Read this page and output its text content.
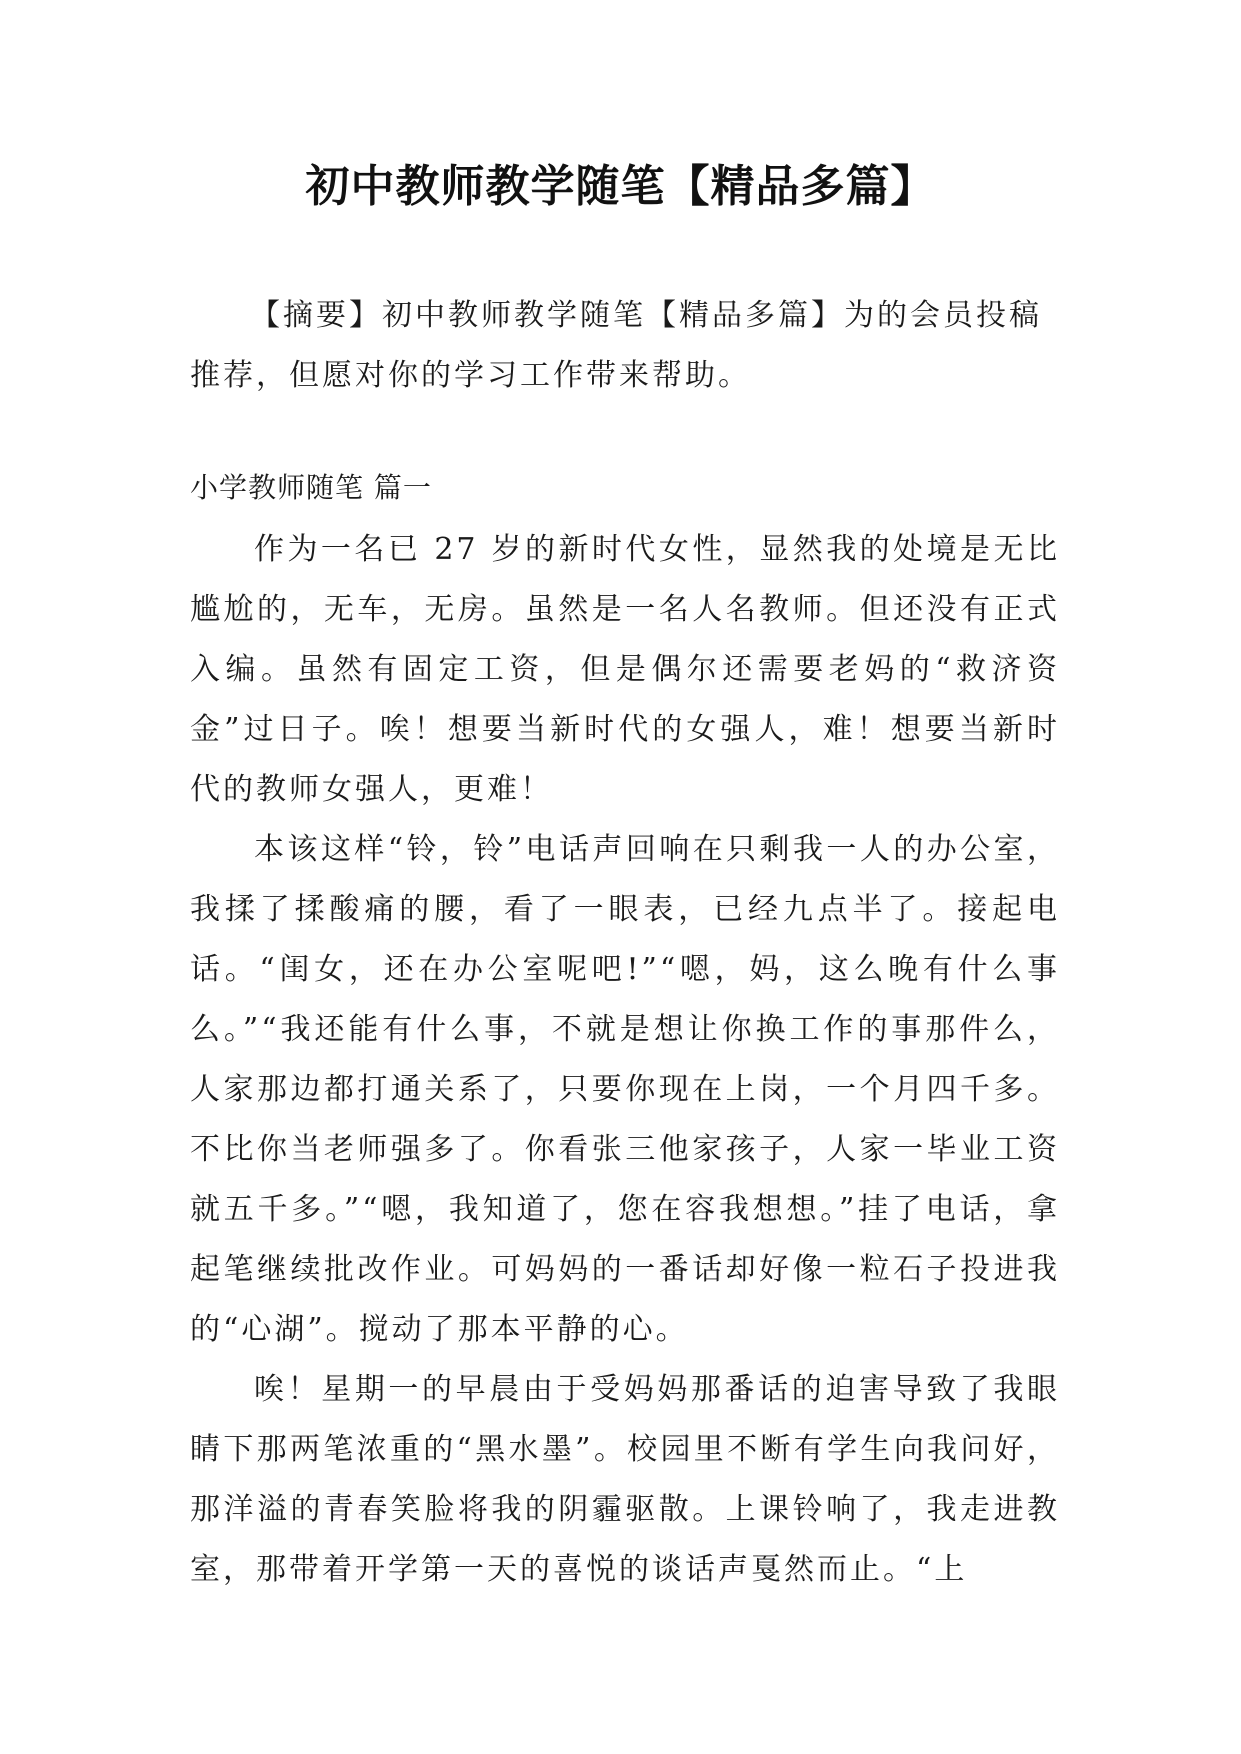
初中教师教学随笔【精品多篇】

【摘要】初中教师教学随笔【精品多篇】为的会员投稿推荐，但愿对你的学习工作带来帮助。

小学教师随笔 篇一

作为一名已 27 岁的新时代女性，显然我的处境是无比尴尬的，无车，无房。虽然是一名人名教师。但还没有正式入编。虽然有固定工资，但是偶尔还需要老妈的“救济资金”过日子。唉！想要当新时代的女强人，难！想要当新时代的教师女强人，更难！

本该这样“铃，铃”电话声回响在只剩我一人的办公室，我揉了揉酸痛的腰，看了一眼表，已经九点半了。接起电话。“闺女，还在办公室呢吧!”“嗯，妈，这么晚有什么事么。”“我还能有什么事，不就是想让你换工作的事那件么，人家那边都打通关系了，只要你现在上岗，一个月四千多。不比你当老师强多了。你看张三他家孩子，人家一毕业工资就五千多。”“嗯，我知道了，您在容我想想。”挂了电话，拿起笔继续批改作业。可妈妈的一番话却好像一粒石子投进我的“心湖”。搅动了那本平静的心。

唉！星期一的早晨由于受妈妈那番话的迫害导致了我眼睛下那两笔浓重的“黑水墨”。校园里不断有学生向我问好，那洋溢的青春笑脸将我的阴霾驱散。上课铃响了，我走进教室，那带着开学第一天的喜悦的谈话声戛然而止。“上
